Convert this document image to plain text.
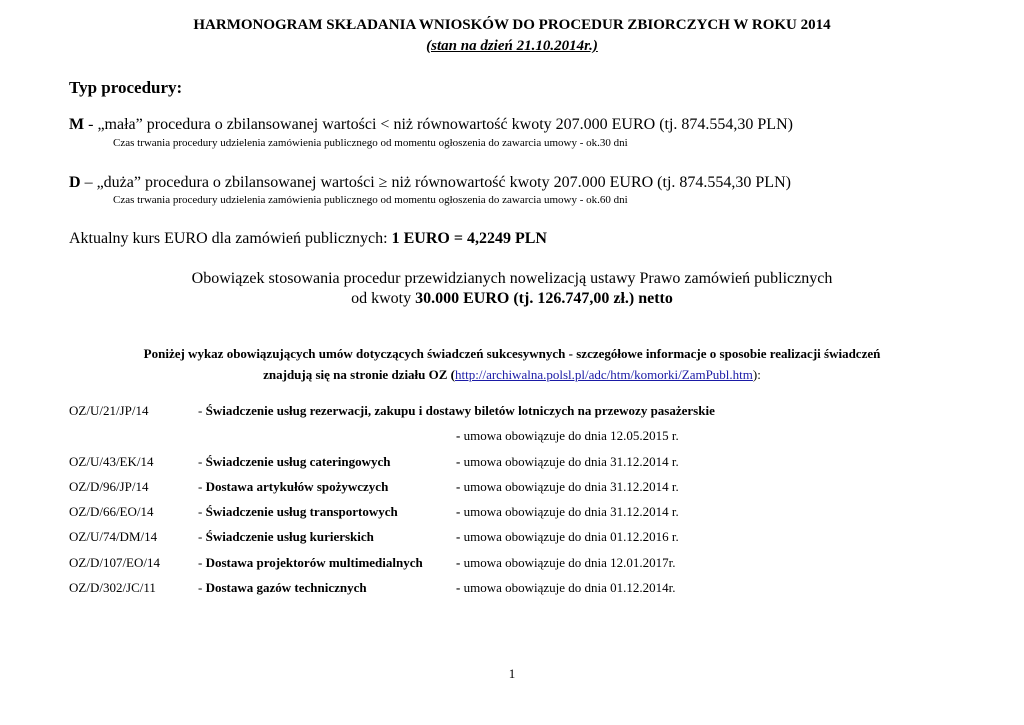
HARMONOGRAM SKŁADANIA WNIOSKÓW DO PROCEDUR ZBIORCZYCH W ROKU 2014
(stan na dzień 21.10.2014r.)
Typ procedury:
M - „mała” procedura o zbilansowanej wartości < niż równowartość kwoty 207.000 EURO (tj. 874.554,30 PLN)
Czas trwania procedury udzielenia zamówienia publicznego od momentu ogłoszenia do zawarcia umowy - ok.30 dni
D – „duża” procedura o zbilansowanej wartości ≥ niż równowartość kwoty 207.000 EURO (tj. 874.554,30 PLN)
Czas trwania procedury udzielenia zamówienia publicznego od momentu ogłoszenia do zawarcia umowy - ok.60 dni
Aktualny kurs EURO dla zamówień publicznych: 1 EURO = 4,2249 PLN
Obowiązek stosowania procedur przewidzianych nowelizacją ustawy Prawo zamówień publicznych
od kwoty 30.000 EURO (tj. 126.747,00 zł.) netto
Poniżej wykaz obowiązujących umów dotyczących świadczeń sukcesywnych - szczegółowe informacje o sposobie realizacji świadczeń
znajdują się na stronie działu OZ (http://archiwalna.polsl.pl/adc/htm/komorki/ZamPubl.htm):
OZ/U/21/JP/14	- Świadczenie usług rezerwacji, zakupu i dostawy biletów lotniczych na przewozy pasażerskie
- umowa obowiązuje do dnia 12.05.2015 r.
OZ/U/43/EK/14	- Świadczenie usług cateringowych	- umowa obowiązuje do dnia 31.12.2014 r.
OZ/D/96/JP/14	- Dostawa artykułów spożywczych	- umowa obowiązuje do dnia 31.12.2014 r.
OZ/D/66/EO/14	- Świadczenie usług transportowych	- umowa obowiązuje do dnia 31.12.2014 r.
OZ/U/74/DM/14	- Świadczenie usług kurierskich	- umowa obowiązuje do dnia 01.12.2016 r.
OZ/D/107/EO/14	- Dostawa projektorów multimedialnych	- umowa obowiązuje do dnia 12.01.2017r.
OZ/D/302/JC/11	- Dostawa gazów technicznych	- umowa obowiązuje do dnia 01.12.2014r.
1
